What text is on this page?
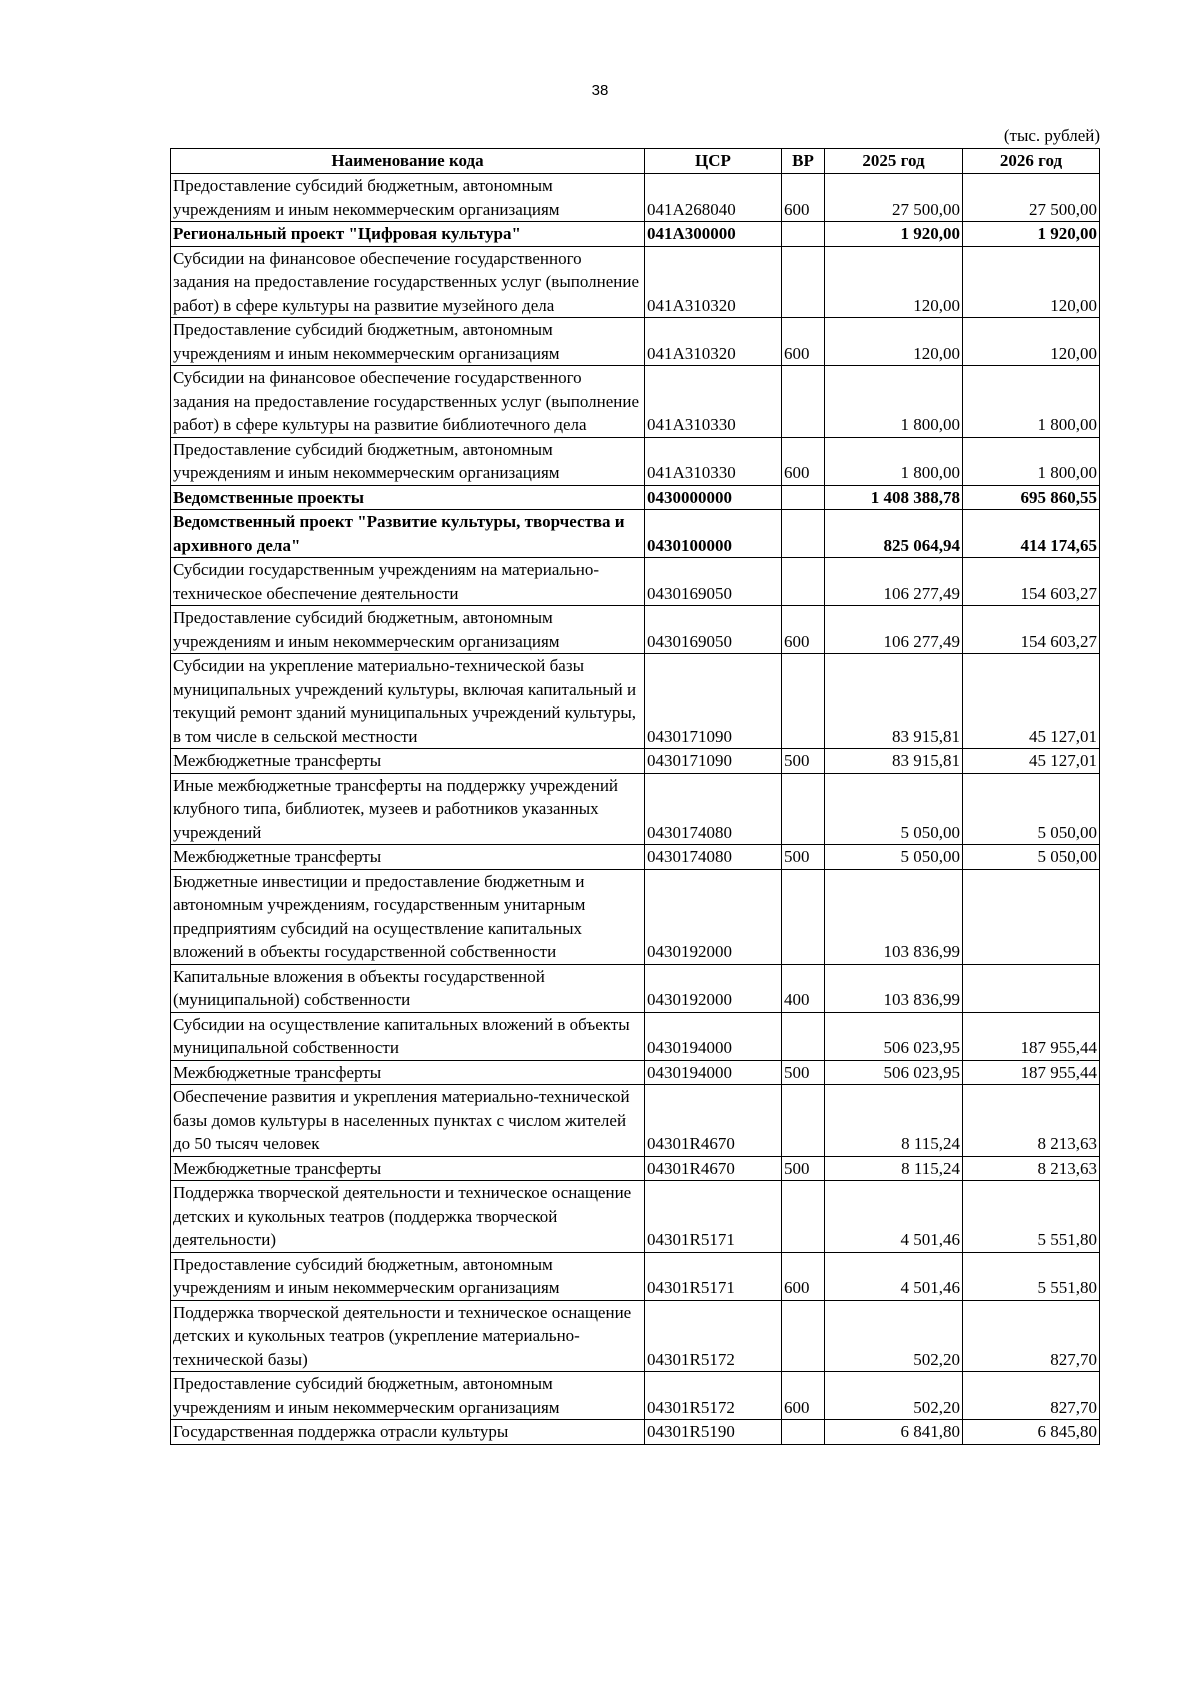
38
(тыс. рублей)
Наименование кода	ЦСР	ВР	2025 год	2026 год
Предоставление субсидий бюджетным, автономным учреждениям и иным некоммерческим организациям	041A268040	600	27 500,00	27 500,00
Региональный проект "Цифровая культура"	041A300000		1 920,00	1 920,00
Субсидии на финансовое обеспечение государственного задания на предоставление государственных услуг (выполнение работ) в сфере культуры на развитие музейного дела	041A310320		120,00	120,00
Предоставление субсидий бюджетным, автономным учреждениям и иным некоммерческим организациям	041A310320	600	120,00	120,00
Субсидии на финансовое обеспечение государственного задания на предоставление государственных услуг (выполнение работ) в сфере культуры на развитие библиотечного дела	041A310330		1 800,00	1 800,00
Предоставление субсидий бюджетным, автономным учреждениям и иным некоммерческим организациям	041A310330	600	1 800,00	1 800,00
Ведомственные проекты	0430000000		1 408 388,78	695 860,55
Ведомственный проект "Развитие культуры, творчества и архивного дела"	0430100000		825 064,94	414 174,65
Субсидии государственным учреждениям на материально-техническое обеспечение деятельности	0430169050		106 277,49	154 603,27
Предоставление субсидий бюджетным, автономным учреждениям и иным некоммерческим организациям	0430169050	600	106 277,49	154 603,27
Субсидии на укрепление материально-технической базы муниципальных учреждений культуры, включая капитальный и текущий ремонт зданий муниципальных учреждений культуры, в том числе в сельской местности	0430171090		83 915,81	45 127,01
Межбюджетные трансферты	0430171090	500	83 915,81	45 127,01
Иные межбюджетные трансферты на поддержку учреждений клубного типа, библиотек, музеев и работников указанных учреждений	0430174080		5 050,00	5 050,00
Межбюджетные трансферты	0430174080	500	5 050,00	5 050,00
Бюджетные инвестиции и предоставление бюджетным и автономным учреждениям, государственным унитарным предприятиям субсидий на осуществление капитальных вложений в объекты государственной собственности	0430192000		103 836,99	
Капитальные вложения в объекты государственной (муниципальной) собственности	0430192000	400	103 836,99	
Субсидии на осуществление капитальных вложений в объекты муниципальной собственности	0430194000		506 023,95	187 955,44
Межбюджетные трансферты	0430194000	500	506 023,95	187 955,44
Обеспечение развития и укрепления материально-технической базы домов культуры в населенных пунктах с числом жителей до 50 тысяч человек	04301R4670		8 115,24	8 213,63
Межбюджетные трансферты	04301R4670	500	8 115,24	8 213,63
Поддержка творческой деятельности и техническое оснащение детских и кукольных театров (поддержка творческой деятельности)	04301R5171		4 501,46	5 551,80
Предоставление субсидий бюджетным, автономным учреждениям и иным некоммерческим организациям	04301R5171	600	4 501,46	5 551,80
Поддержка творческой деятельности и техническое оснащение детских и кукольных театров (укрепление материально-технической базы)	04301R5172		502,20	827,70
Предоставление субсидий бюджетным, автономным учреждениям и иным некоммерческим организациям	04301R5172	600	502,20	827,70
Государственная поддержка отрасли культуры	04301R5190		6 841,80	6 845,80
